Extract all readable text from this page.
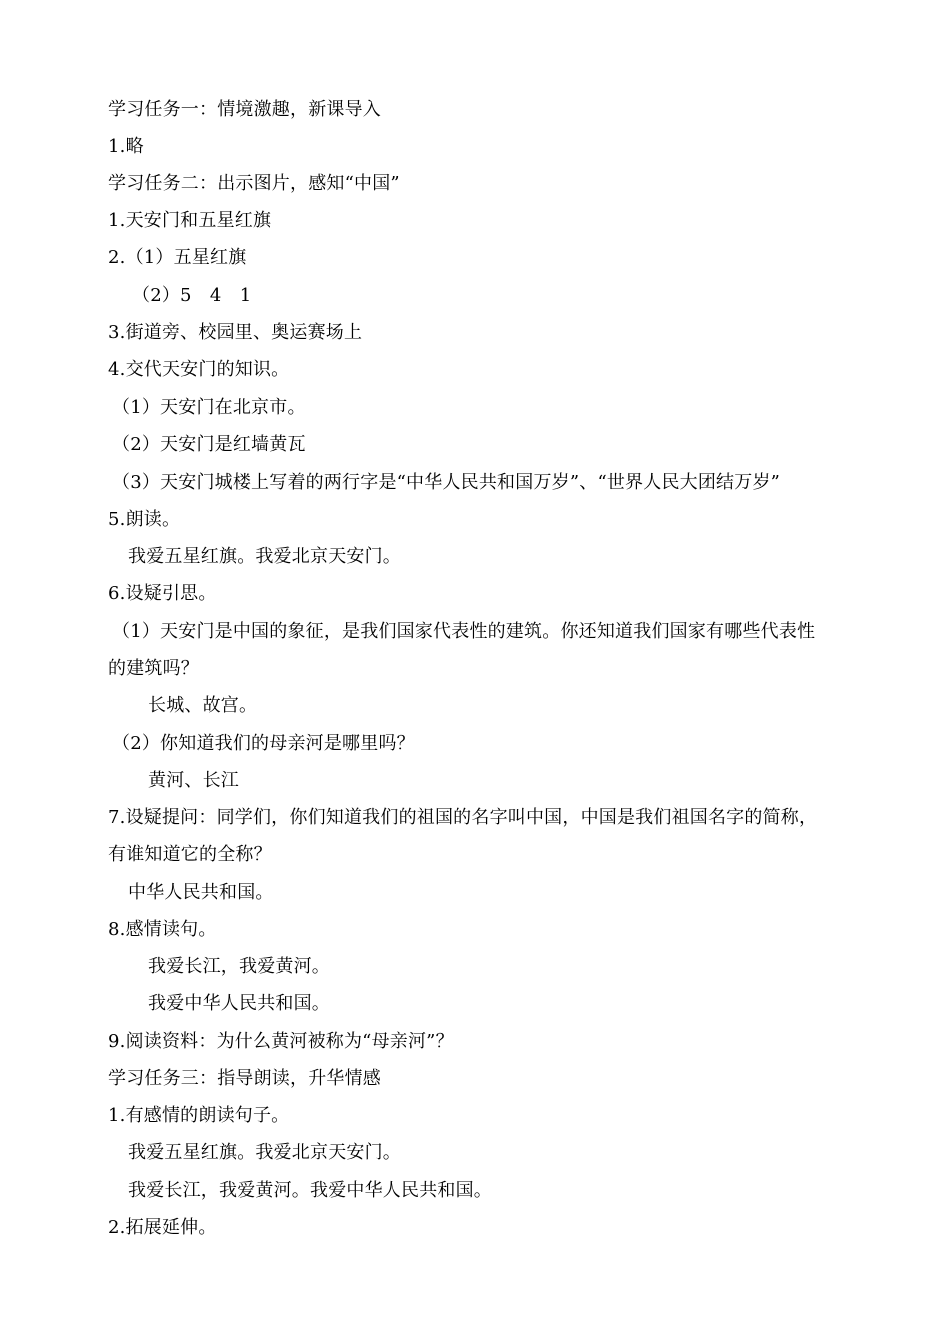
学习任务一：情境激趣，新课导入
1.略
学习任务二：出示图片，感知“中国”
1.天安门和五星红旗
2.（1）五星红旗
（2）5　4　1
3.街道旁、校园里、奥运赛场上
4.交代天安门的知识。
（1）天安门在北京市。
（2）天安门是红墙黄瓦
（3）天安门城楼上写着的两行字是“中华人民共和国万岁”、“世界人民大团结万岁”
5.朗读。
我爱五星红旗。我爱北京天安门。
6.设疑引思。
（1）天安门是中国的象征，是我们国家代表性的建筑。你还知道我们国家有哪些代表性
的建筑吗？
长城、故宫。
（2）你知道我们的母亲河是哪里吗？
黄河、长江
7.设疑提问：同学们，你们知道我们的祖国的名字叫中国，中国是我们祖国名字的简称，
有谁知道它的全称？
中华人民共和国。
8.感情读句。
我爱长江，我爱黄河。
我爱中华人民共和国。
9.阅读资料：为什么黄河被称为“母亲河”？
学习任务三：指导朗读，升华情感
1.有感情的朗读句子。
我爱五星红旗。我爱北京天安门。
我爱长江，我爱黄河。我爱中华人民共和国。
2.拓展延伸。
